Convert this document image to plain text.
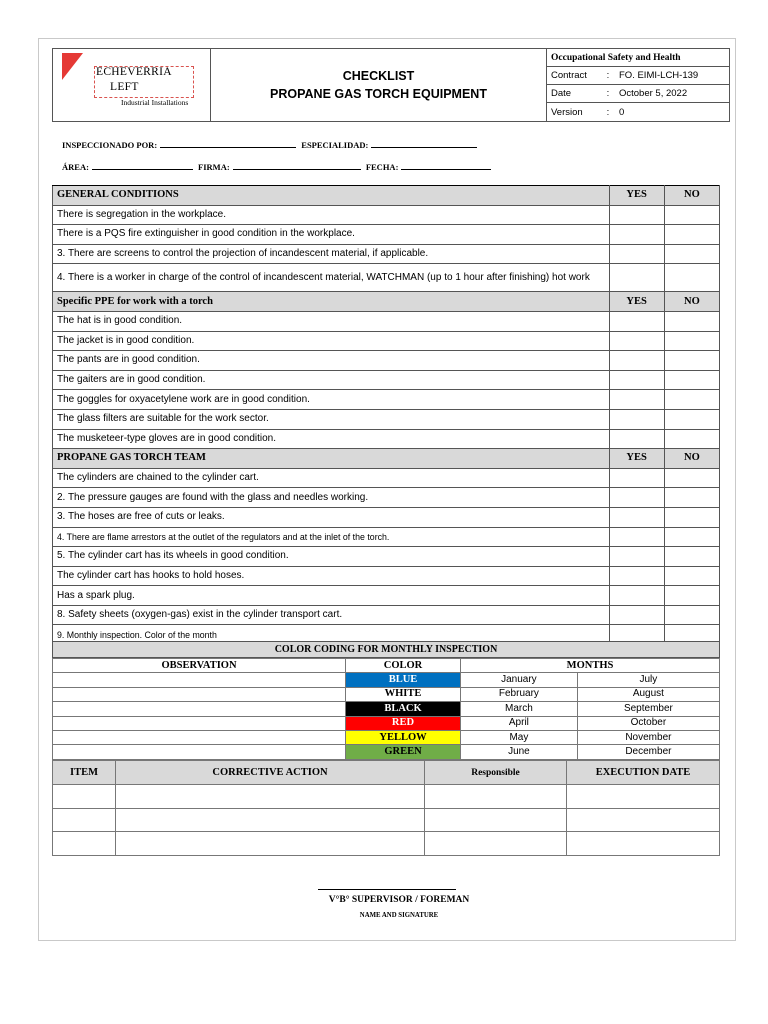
ECHEVERRIA
LEFT
Industrial Installations
CHECKLIST
PROPANE GAS TORCH EQUIPMENT
Occupational Safety and Health
Contract	:	FO. EIMI-LCH-139
Date	:	October 5, 2022
Version	:	0
INSPECCIONADO POR:	ESPECIALIDAD:
ÁREA:	FIRMA:	FECHA:
GENERAL CONDITIONS	YES	NO
There is segregation in the workplace.		
There is a PQS fire extinguisher in good condition in the workplace.		
3. There are screens to control the projection of incandescent material, if applicable.		
4. There is a worker in charge of the control of incandescent material, WATCHMAN (up to 1 hour after finishing) hot work		
Specific PPE for work with a torch	YES	NO
The hat is in good condition.		
The jacket is in good condition.		
The pants are in good condition.		
The gaiters are in good condition.		
The goggles for oxyacetylene work are in good condition.		
The glass filters are suitable for the work sector.		
The musketeer-type gloves are in good condition.		
PROPANE GAS TORCH TEAM	YES	NO
The cylinders are chained to the cylinder cart.		
2. The pressure gauges are found with the glass and needles working.		
3. The hoses are free of cuts or leaks.		
4. There are flame arrestors at the outlet of the regulators and at the inlet of the torch.		
5. The cylinder cart has its wheels in good condition.		
The cylinder cart has hooks to hold hoses.		
Has a spark plug.		
8. Safety sheets (oxygen-gas) exist in the cylinder transport cart.		
9. Monthly inspection. Color of the month		
COLOR CODING FOR MONTHLY INSPECTION
OBSERVATION	COLOR	MONTHS	
	BLUE	January	July
	WHITE	February	August
	BLACK	March	September
	RED	April	October
	YELLOW	May	November
	GREEN	June	December
ITEM	CORRECTIVE ACTION	Responsible	EXECUTION DATE

V°B° SUPERVISOR / FOREMAN
NAME AND SIGNATURE
